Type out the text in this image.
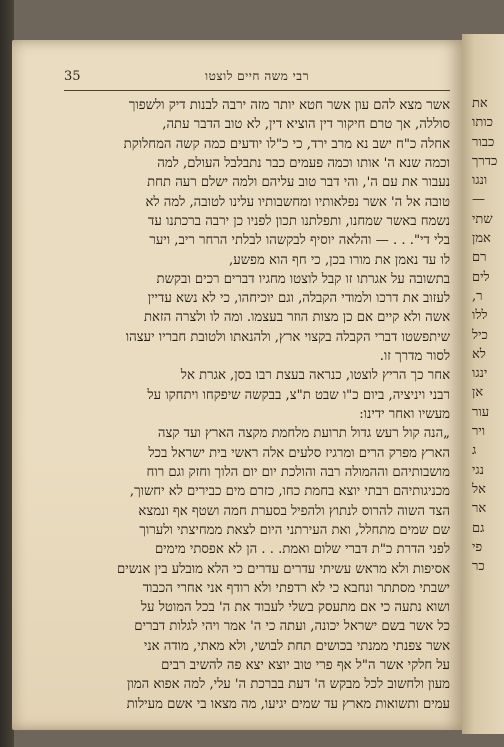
את
כותו
כבור
כדרך
ונגו
—
שתי
אמן
רם
לים
ר,
ללו
כיל
לא
ינגו
אן
עור
ויר
ג
נגי
אל
אר
גם
פי
כר
35	רבי משה חיים לוצטו
אשר מצא להם עון אשר חטא יותר מזה ירבה לבנות דיק ולשפוך
סוללה, אך טרם חיקור דין הוציא דין, לא טוב הדבר עתה,
אחלה כ"ח ישב נא מרב ירד, כי כ"לו יודעים כמה קשה המחלוקת
וכמה שנא ה' אותו וכמה פעמים כבר נתבלבל העולם, למה
נעבור את עם ה', והי דבר טוב עליהם ולמה ישלם רעה תחת
טובה אל ה' אשר נפלאותיו ומחשבותיו עלינו לטובה, למה לא
נשמח באשר שמחנו, ותפלתנו תכון לפניו כן ירבה ברכתנו עד
בלי די". . . — והלאה יוסיף לבקשהו לבלתי הרחר ריב, ויער
לו עד נאמן את מורו בכן, כי חף הוא מפשע,
בתשובה על אגרתו זו קבל לוצטו מחגיו דברים רכים ובקשת
לעזוב את דרכו ולמודי הקבלה, וגם יוכיחהו, כי לא נשא עדיין
אשה ולא קיים אם כן מצות הוזר בעצמו. ומה לו ולצרה הזאת
שיתפשטו דברי הקבלה בקצוי ארץ, ולהנאתו ולטובת חבריו יעצהו
לסור מדרך זו.
אחר כך הריץ לוצטו, כנראה בעצת רבו בסן, אגרת אל
רבני ויניציה, ביום כ"ו שבט ת"צ, בבקשה שיפקחו ויתחקו על
מעשיו ואחר ידינו:
„הנה קול רעש גדול תרועת מלחמת מקצה הארץ ועד קצה
הארץ מפרק הרים ומרגיז סלעים אלה ראשי בית ישראל בכל
מושבותיהם וההמולה רבה והולכת יום יום הלוך וחזק וגם רוח
מכניגותיהם רבתי יוצא בחמת כחו, כזרם מים כבירים לא יחשוך,
הצד השוה להרוס לנתוץ ולהפיל בסערת חמה ושטף אף ונמצא
שם שמים מתחלל, ואת העירתני היום לצאת ממחיצתי ולערוך
לפני הדרת כ"ת דברי שלום ואמת. . . הן לא אפסתי מימים
אסיפות ולא מראש עשיתי עדרים עדרים כי הלא מובלע בין אנשים
ישבתי מסתתר ונחבא כי לא רדפתי ולא רודף אני אחרי הכבוד
ושוא נתעה כי אם מתעסק בשלי לעבוד את ה' בכל המוטל על
כל אשר בשם ישראל יכונה, ועתה כי ה' אמר ויהי לגלות דברים
אשר צפנתי ממנתי בכושים תחת לבושי, ולא מאתי, מודה אני
על חלקי אשר ה"ל אף פרי טוב יוצא יצא פה להשיב רבים
מעון ולחשוב לכל מבקש ה' דעת בברכת ה' עלי, למה אפוא המון
עמים ותשואות מארץ עד שמים יגיעו, מה מצאו בי אשם מעילות
